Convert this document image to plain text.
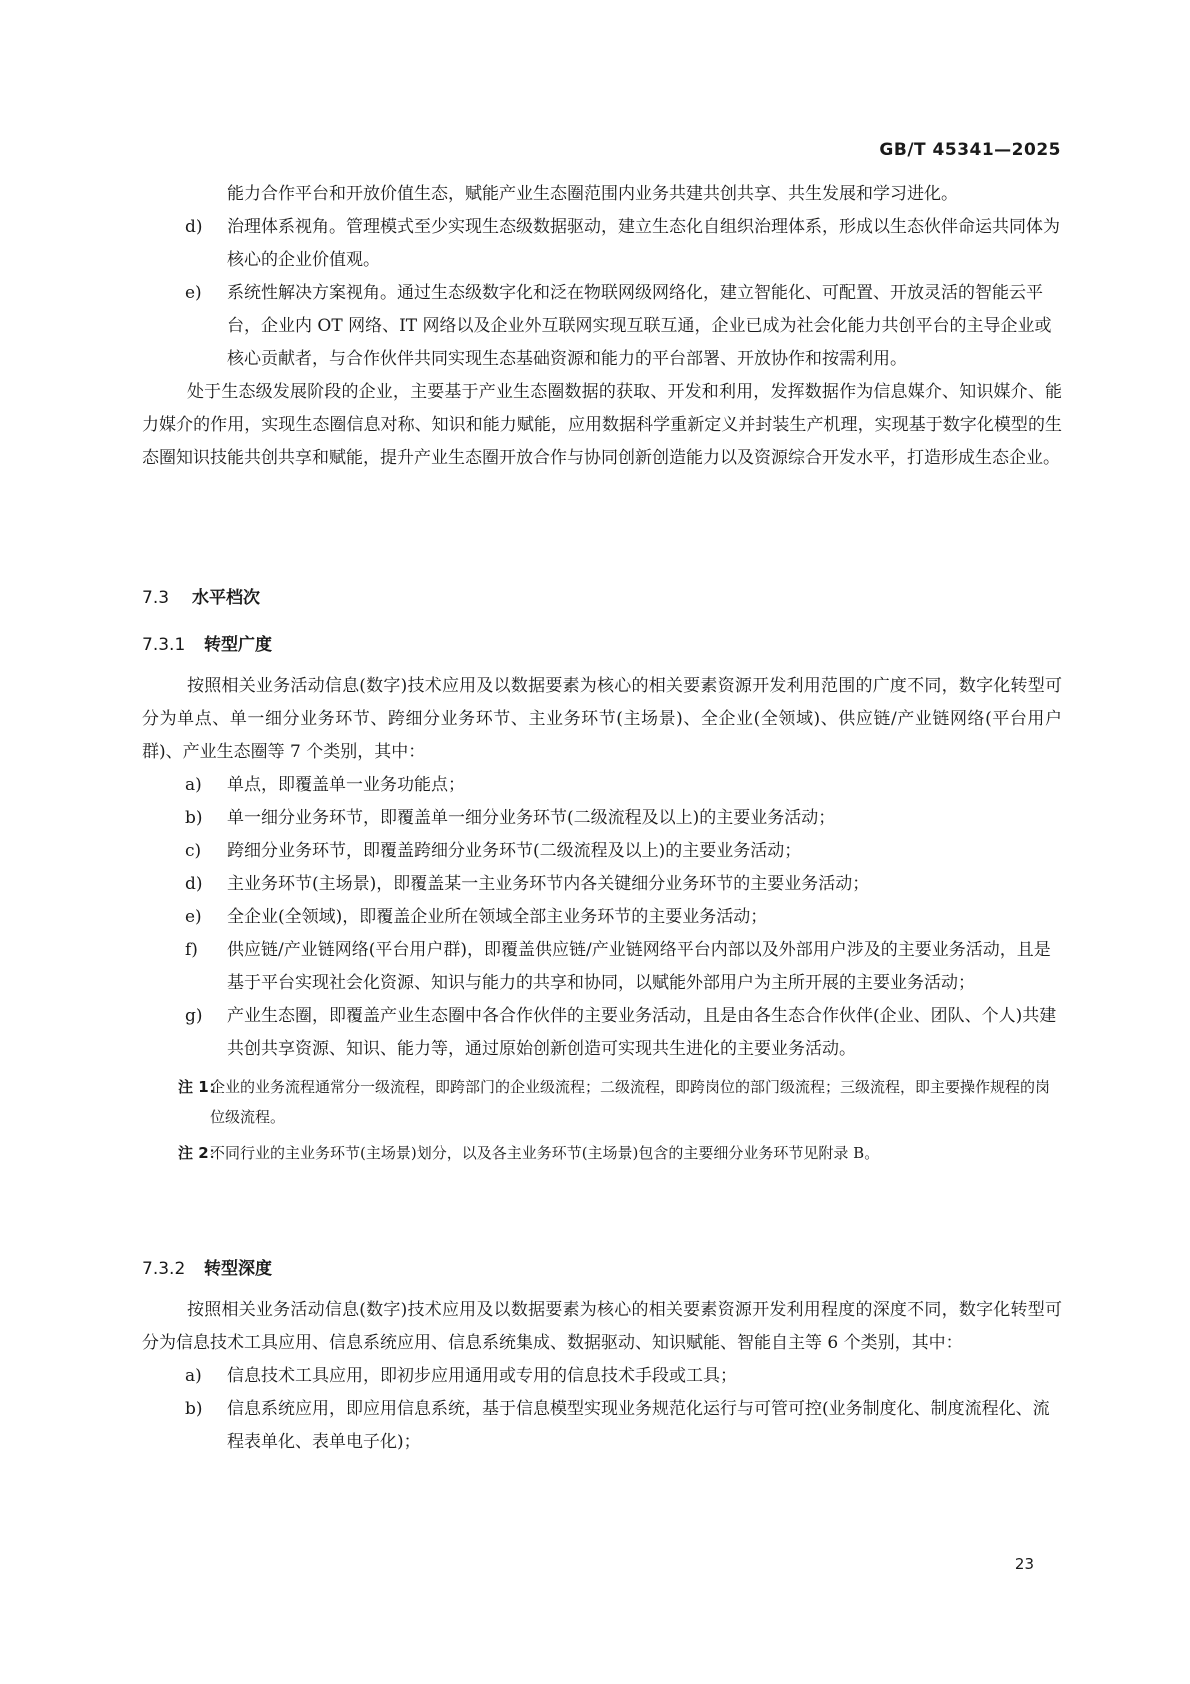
GB/T 45341—2025
能力合作平台和开放价值生态，赋能产业生态圈范围内业务共建共创共享、共生发展和学习进化。
d) 治理体系视角。管理模式至少实现生态级数据驱动，建立生态化自组织治理体系，形成以生态伙伴命运共同体为核心的企业价值观。
e) 系统性解决方案视角。通过生态级数字化和泛在物联网级网络化，建立智能化、可配置、开放灵活的智能云平台，企业内 OT 网络、IT 网络以及企业外互联网实现互联互通，企业已成为社会化能力共创平台的主导企业或核心贡献者，与合作伙伴共同实现生态基础资源和能力的平台部署、开放协作和按需利用。
处于生态级发展阶段的企业，主要基于产业生态圈数据的获取、开发和利用，发挥数据作为信息媒介、知识媒介、能力媒介的作用，实现生态圈信息对称、知识和能力赋能，应用数据科学重新定义并封装生产机理，实现基于数字化模型的生态圈知识技能共创共享和赋能，提升产业生态圈开放合作与协同创新创造能力以及资源综合开发水平，打造形成生态企业。
7.3 水平档次
7.3.1 转型广度
按照相关业务活动信息(数字)技术应用及以数据要素为核心的相关要素资源开发利用范围的广度不同，数字化转型可分为单点、单一细分业务环节、跨细分业务环节、主业务环节(主场景)、全企业(全领域)、供应链/产业链网络(平台用户群)、产业生态圈等 7 个类别，其中：
a) 单点，即覆盖单一业务功能点；
b) 单一细分业务环节，即覆盖单一细分业务环节(二级流程及以上)的主要业务活动；
c) 跨细分业务环节，即覆盖跨细分业务环节(二级流程及以上)的主要业务活动；
d) 主业务环节(主场景)，即覆盖某一主业务环节内各关键细分业务环节的主要业务活动；
e) 全企业(全领域)，即覆盖企业所在领域全部主业务环节的主要业务活动；
f) 供应链/产业链网络(平台用户群)，即覆盖供应链/产业链网络平台内部以及外部用户涉及的主要业务活动，且是基于平台实现社会化资源、知识与能力的共享和协同，以赋能外部用户为主所开展的主要业务活动；
g) 产业生态圈，即覆盖产业生态圈中各合作伙伴的主要业务活动，且是由各生态合作伙伴(企业、团队、个人)共建共创共享资源、知识、能力等，通过原始创新创造可实现共生进化的主要业务活动。
注 1：
企业的业务流程通常分一级流程，即跨部门的企业级流程；二级流程，即跨岗位的部门级流程；三级流程，即主要操作规程的岗位级流程。
注 2：
不同行业的主业务环节(主场景)划分，以及各主业务环节(主场景)包含的主要细分业务环节见附录 B。
7.3.2 转型深度
按照相关业务活动信息(数字)技术应用及以数据要素为核心的相关要素资源开发利用程度的深度不同，数字化转型可分为信息技术工具应用、信息系统应用、信息系统集成、数据驱动、知识赋能、智能自主等 6 个类别，其中：
a) 信息技术工具应用，即初步应用通用或专用的信息技术手段或工具；
b) 信息系统应用，即应用信息系统，基于信息模型实现业务规范化运行与可管可控(业务制度化、制度流程化、流程表单化、表单电子化)；
23
